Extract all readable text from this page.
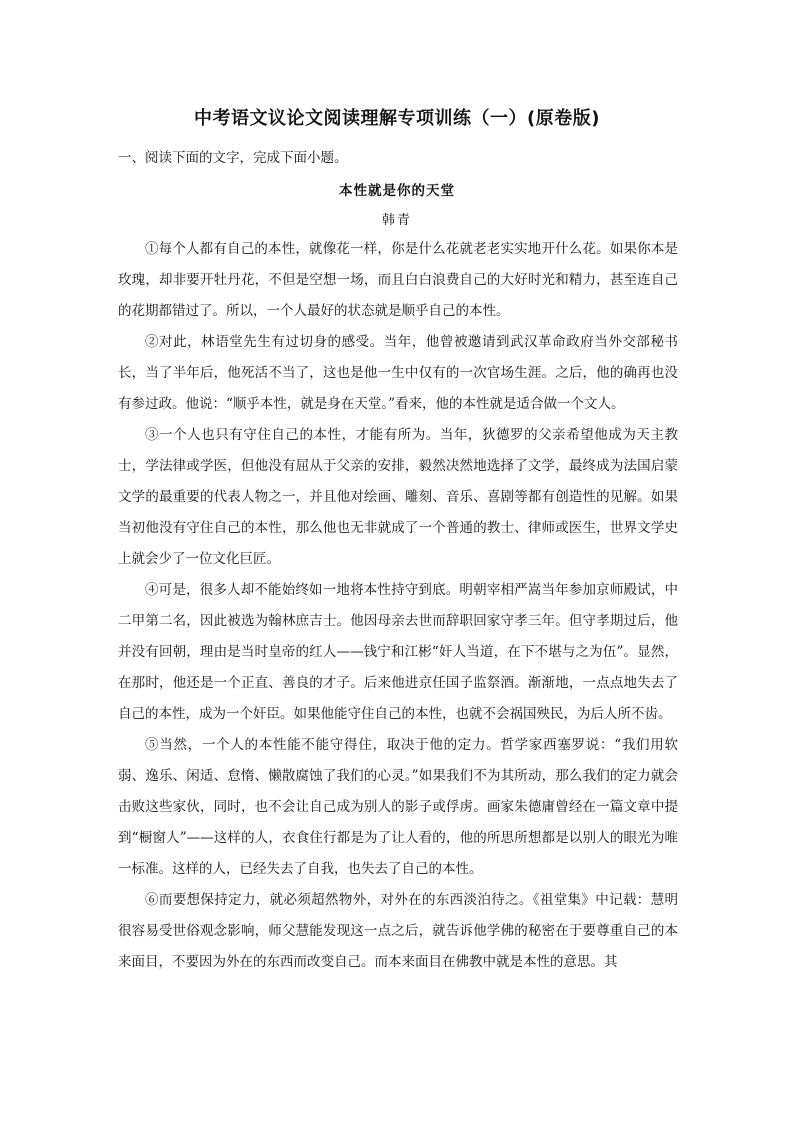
中考语文议论文阅读理解专项训练（一）(原卷版)
一、阅读下面的文字，完成下面小题。
本性就是你的天堂
韩青

①每个人都有自己的本性，就像花一样，你是什么花就老老实实地开什么花。如果你本是玫瑰，却非要开牡丹花，不但是空想一场，而且白白浪费自己的大好时光和精力，甚至连自己的花期都错过了。所以，一个人最好的状态就是顺乎自己的本性。

②对此，林语堂先生有过切身的感受。当年，他曾被邀请到武汉革命政府当外交部秘书长，当了半年后，他死活不当了，这也是他一生中仅有的一次官场生涯。之后，他的确再也没有参过政。他说：“顺乎本性，就是身在天堂。”看来，他的本性就是适合做一个文人。

③一个人也只有守住自己的本性，才能有所为。当年，狄德罗的父亲希望他成为天主教士，学法律或学医，但他没有屈从于父亲的安排，毅然决然地选择了文学，最终成为法国启蒙文学的最重要的代表人物之一，并且他对绘画、雕刻、音乐、喜剧等都有创造性的见解。如果当初他没有守住自己的本性，那么他也无非就成了一个普通的教士、律师或医生，世界文学史上就会少了一位文化巨匠。

④可是，很多人却不能始终如一地将本性持守到底。明朝宰相严嵩当年参加京师殿试，中二甲第二名，因此被选为翰林庶吉士。他因母亲去世而辞职回家守孝三年。但守孝期过后，他并没有回朝，理由是当时皇帝的红人——钱宁和江彬“奸人当道，在下不堪与之为伍”。显然，在那时，他还是一个正直、善良的才子。后来他进京任国子监祭酒。渐渐地，一点点地失去了自己的本性，成为一个奸臣。如果他能守住自己的本性，也就不会祸国殃民，为后人所不齿。

⑤当然，一个人的本性能不能守得住，取决于他的定力。哲学家西塞罗说：“我们用软弱、逸乐、闲适、怠惰、懒散腐蚀了我们的心灵。”如果我们不为其所动，那么我们的定力就会击败这些家伙，同时，也不会让自己成为别人的影子或俘虏。画家朱德庸曾经在一篇文章中提到“橱窗人”——这样的人，衣食住行都是为了让人看的，他的所思所想都是以别人的眼光为唯一标准。这样的人，已经失去了自我，也失去了自己的本性。

⑥而要想保持定力，就必须超然物外，对外在的东西淡泊待之。《祖堂集》中记载：慧明很容易受世俗观念影响，师父慧能发现这一点之后，就告诉他学佛的秘密在于要尊重自己的本来面目，不要因为外在的东西而改变自己。而本来面目在佛教中就是本性的意思。其
